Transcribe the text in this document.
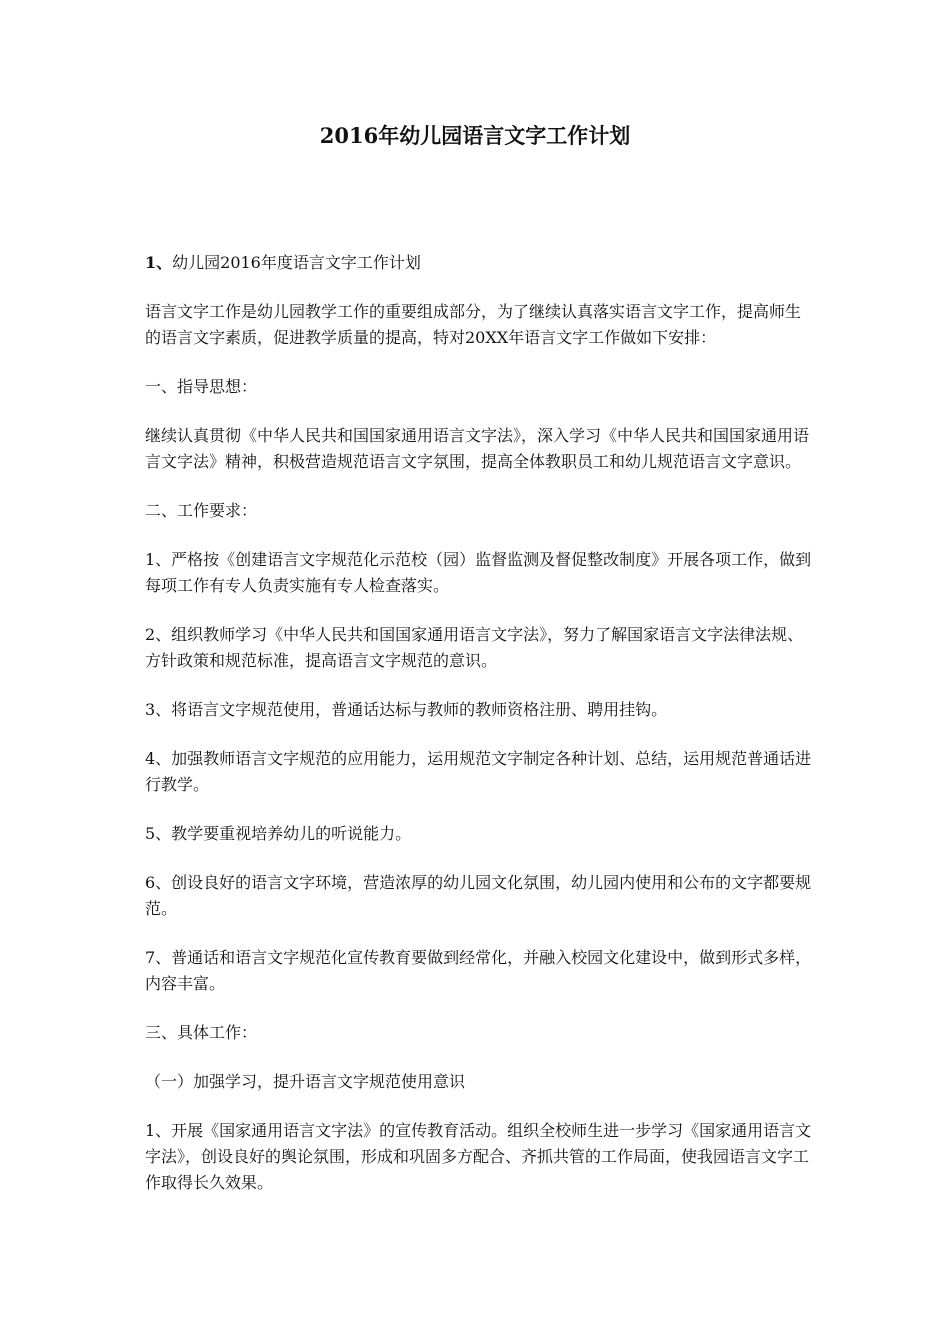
2016年幼儿园语言文字工作计划

1、幼儿园2016年度语言文字工作计划

语言文字工作是幼儿园教学工作的重要组成部分，为了继续认真落实语言文字工作，提高师生的语言文字素质，促进教学质量的提高，特对20XX年语言文字工作做如下安排：

一、指导思想：

继续认真贯彻《中华人民共和国国家通用语言文字法》，深入学习《中华人民共和国国家通用语言文字法》精神，积极营造规范语言文字氛围，提高全体教职员工和幼儿规范语言文字意识。

二、工作要求：

1、严格按《创建语言文字规范化示范校（园）监督监测及督促整改制度》开展各项工作，做到每项工作有专人负责实施有专人检查落实。

2、组织教师学习《中华人民共和国国家通用语言文字法》，努力了解国家语言文字法律法规、方针政策和规范标准，提高语言文字规范的意识。

3、将语言文字规范使用，普通话达标与教师的教师资格注册、聘用挂钩。

4、加强教师语言文字规范的应用能力，运用规范文字制定各种计划、总结，运用规范普通话进行教学。

5、教学要重视培养幼儿的听说能力。

6、创设良好的语言文字环境，营造浓厚的幼儿园文化氛围，幼儿园内使用和公布的文字都要规范。

7、普通话和语言文字规范化宣传教育要做到经常化，并融入校园文化建设中，做到形式多样，内容丰富。

三、具体工作：

（一）加强学习，提升语言文字规范使用意识

1、开展《国家通用语言文字法》的宣传教育活动。组织全校师生进一步学习《国家通用语言文字法》，创设良好的舆论氛围，形成和巩固多方配合、齐抓共管的工作局面，使我园语言文字工作取得长久效果。
